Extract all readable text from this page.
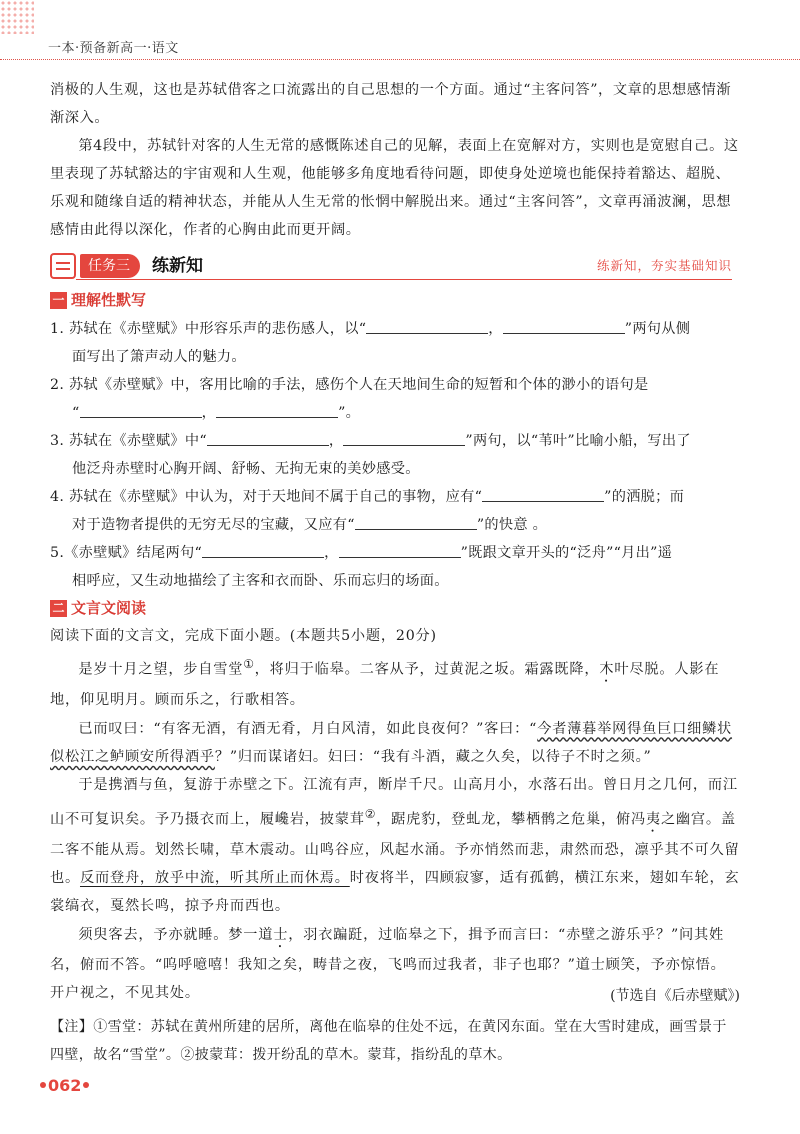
一本·预备新高一·语文

消极的人生观，这也是苏轼借客之口流露出的自己思想的一个方面。通过“主客问答”，文章的思想感情渐渐深入。

第4段中，苏轼针对客的人生无常的感慨陈述自己的见解，表面上在宽解对方，实则也是宽慰自己。这里表现了苏轼豁达的宇宙观和人生观，他能够多角度地看待问题，即使身处逆境也能保持着豁达、超脱、乐观和随缘自适的精神状态，并能从人生无常的怅惘中解脱出来。通过“主客问答”，文章再涌波澜，思想感情由此得以深化，作者的心胸由此而更开阔。

任务三	练新知	练新知，夯实基础知识
一 理解性默写

1. 苏轼在《赤壁赋》中形容乐声的悲伤感人，以“	，	”两句从侧

面写出了箫声动人的魅力。

2. 苏轼《赤壁赋》中，客用比喻的手法，感伤个人在天地间生命的短暂和个体的渺小的语句是

“	，	”。

3. 苏轼在《赤壁赋》中“	，	”两句，以“苇叶”比喻小船，写出了

他泛舟赤壁时心胸开阔、舒畅、无拘无束的美妙感受。

4. 苏轼在《赤壁赋》中认为，对于天地间不属于自己的事物，应有“	”的洒脱；而

对于造物者提供的无穷无尽的宝藏，又应有“	”的快意 。

5.《赤壁赋》结尾两句“	，	”既跟文章开头的“泛舟”“月出”遥

相呼应，又生动地描绘了主客和衣而卧、乐而忘归的场面。

二 文言文阅读

阅读下面的文言文，完成下面小题。(本题共5小题，20分)

是岁十月之望，步自雪堂①，将归于临皋。二客从予，过黄泥之坂。霜露既降，木叶尽脱。人影在地，仰见明月。顾而乐之，行歌相答。

已而叹曰：“有客无酒，有酒无肴，月白风清，如此良夜何？”客曰：“今者薄暮举网得鱼巨口细鳞状似松江之鲈顾安所得酒乎？”归而谋诸妇。妇曰：“我有斗酒，藏之久矣，以待子不时之须。”

于是携酒与鱼，复游于赤壁之下。江流有声，断岸千尺。山高月小，水落石出。曾日月之几何，而江山不可复识矣。予乃摄衣而上，履巉岩，披蒙茸②，踞虎豹，登虬龙，攀栖鹘之危巢，俯冯夷之幽宫。盖二客不能从焉。划然长啸，草木震动。山鸣谷应，风起水涌。予亦悄然而悲，肃然而恐，凛乎其不可久留也。反而登舟，放乎中流，听其所止而休焉。时夜将半，四顾寂寥，适有孤鹤，横江东来，翅如车轮，玄裳缟衣，戛然长鸣，掠予舟而西也。

须臾客去，予亦就睡。梦一道士，羽衣蹁跹，过临皋之下，揖予而言曰：“赤壁之游乐乎？”问其姓名，俯而不答。“呜呼噫嘻！我知之矣，畴昔之夜，飞鸣而过我者，非子也耶？”道士顾笑，予亦惊悟。开户视之，不见其处。	(节选自《后赤壁赋》)

【注】①雪堂：苏轼在黄州所建的居所，离他在临皋的住处不远，在黄冈东面。堂在大雪时建成，画雪景于四壁，故名“雪堂”。②披蒙茸：拨开纷乱的草木。蒙茸，指纷乱的草木。

062
